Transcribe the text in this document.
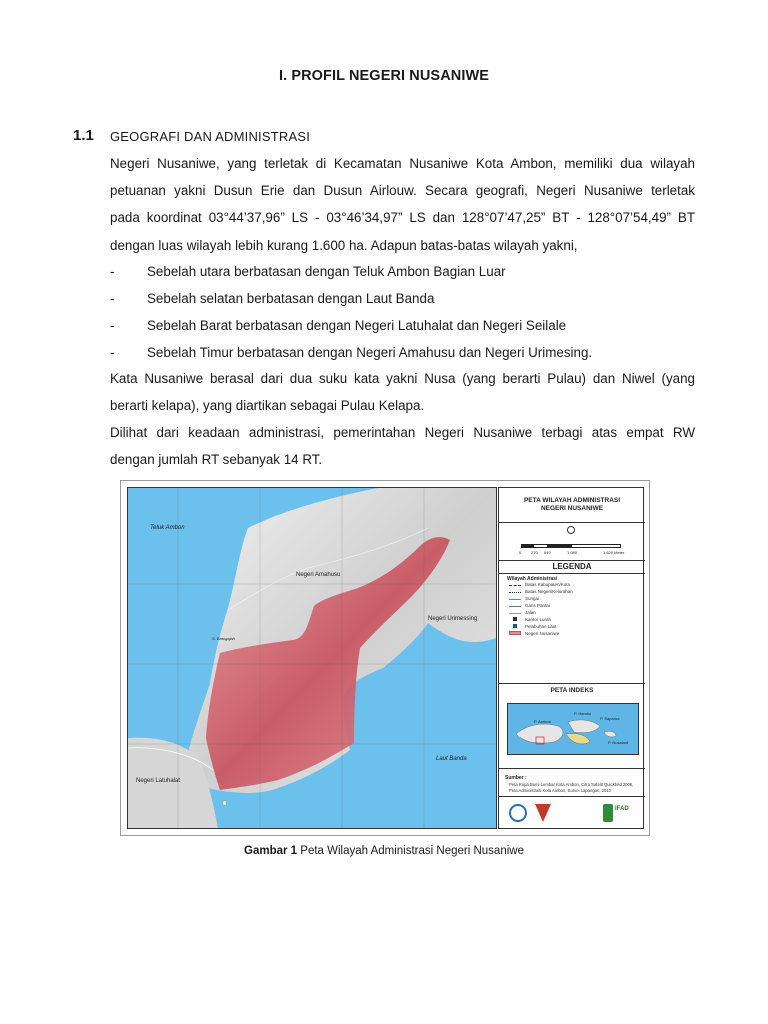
I. PROFIL NEGERI NUSANIWE
1.1 GEOGRAFI DAN ADMINISTRASI
Negeri Nusaniwe, yang terletak di Kecamatan Nusaniwe Kota Ambon, memiliki dua wilayah
petuanan yakni Dusun Erie dan Dusun Airlouw. Secara geografi, Negeri Nusaniwe terletak
pada koordinat 03°44’37,96” LS - 03°46’34,97” LS dan 128°07’47,25” BT - 128°07’54,49” BT
dengan luas wilayah lebih kurang 1.600 ha. Adapun batas-batas wilayah yakni,
- Sebelah utara berbatasan dengan Teluk Ambon Bagian Luar
- Sebelah selatan berbatasan dengan Laut Banda
- Sebelah Barat berbatasan dengan Negeri Latuhalat dan Negeri Seilale
- Sebelah Timur berbatasan dengan Negeri Amahusu dan Negeri Urimesing.
Kata Nusaniwe berasal dari dua suku kata yakni Nusa (yang berarti Pulau) dan Niwel (yang
berarti kelapa), yang diartikan sebagai Pulau Kelapa.
Dilihat dari keadaan administrasi, pemerintahan Negeri Nusaniwe terbagi atas empat RW
dengan jumlah RT sebanyak 14 RT.
Teluk Ambon
Negeri Amahusu
Negeri Urimessing
S. Batugajah
Laut Banda
Negeri Latuhalat
PETA WILAYAH ADMINISTRASI NEGERI NUSANIWE
0 270 540	1.080	1.620 Meter
LEGENDA
Wilayah Administrasi
Batas Kabupaten/Kota
Batas Negeri/Kelurahan
Sungai
Garis Pantai
Jalan
Kantor Lurah
Pelabuhan Laut
Negeri Nusaniwe
PETA INDEKS
P. Ambon
P. Saparua
P. Haruku
P. Nusalaut
Sumber :
Peta Rupa Bumi Lembar Kota Ambon, Citra Satelit Quickbird 2006,
Peta Administrasi Kota Ambon, Survei Lapangan, 2010
IFAD
Gambar 1 Peta Wilayah Administrasi Negeri Nusaniwe
